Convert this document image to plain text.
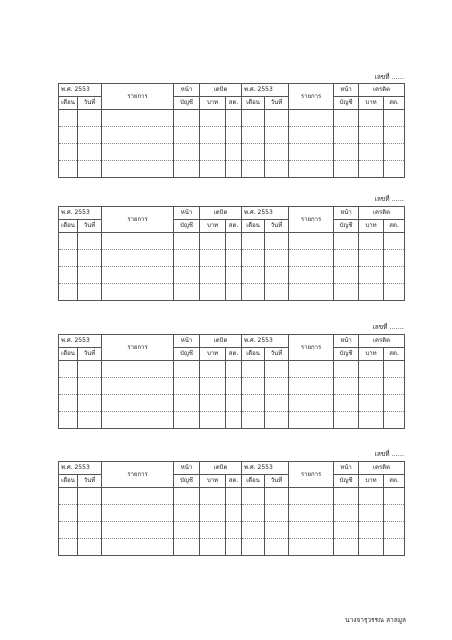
เลขที่ ......
พ.ศ. 2553		รายการ	หน้า	เดบิต		พ.ศ. 2553		รายการ	หน้า	เครดิต	
เดือน	วันที่		บัญชี	บาท	สต.	เดือน	วันที่		บัญชี	บาท	สต.

เลขที่ ......
พ.ศ. 2553		รายการ	หน้า	เดบิต		พ.ศ. 2553		รายการ	หน้า	เครดิต	
เดือน	วันที่		บัญชี	บาท	สต.	เดือน	วันที่		บัญชี	บาท	สต.

เลขที่ .......
พ.ศ. 2553		รายการ	หน้า	เดบิต		พ.ศ. 2553		รายการ	หน้า	เครดิต	
เดือน	วันที่		บัญชี	บาท	สต.	เดือน	วันที่		บัญชี	บาท	สต.

เลขที่ ......
พ.ศ. 2553		รายการ	หน้า	เดบิต		พ.ศ. 2553		รายการ	หน้า	เครดิต	
เดือน	วันที่		บัญชี	บาท	สต.	เดือน	วันที่		บัญชี	บาท	สต.

นางจารุวรรณ ลาลมูล
